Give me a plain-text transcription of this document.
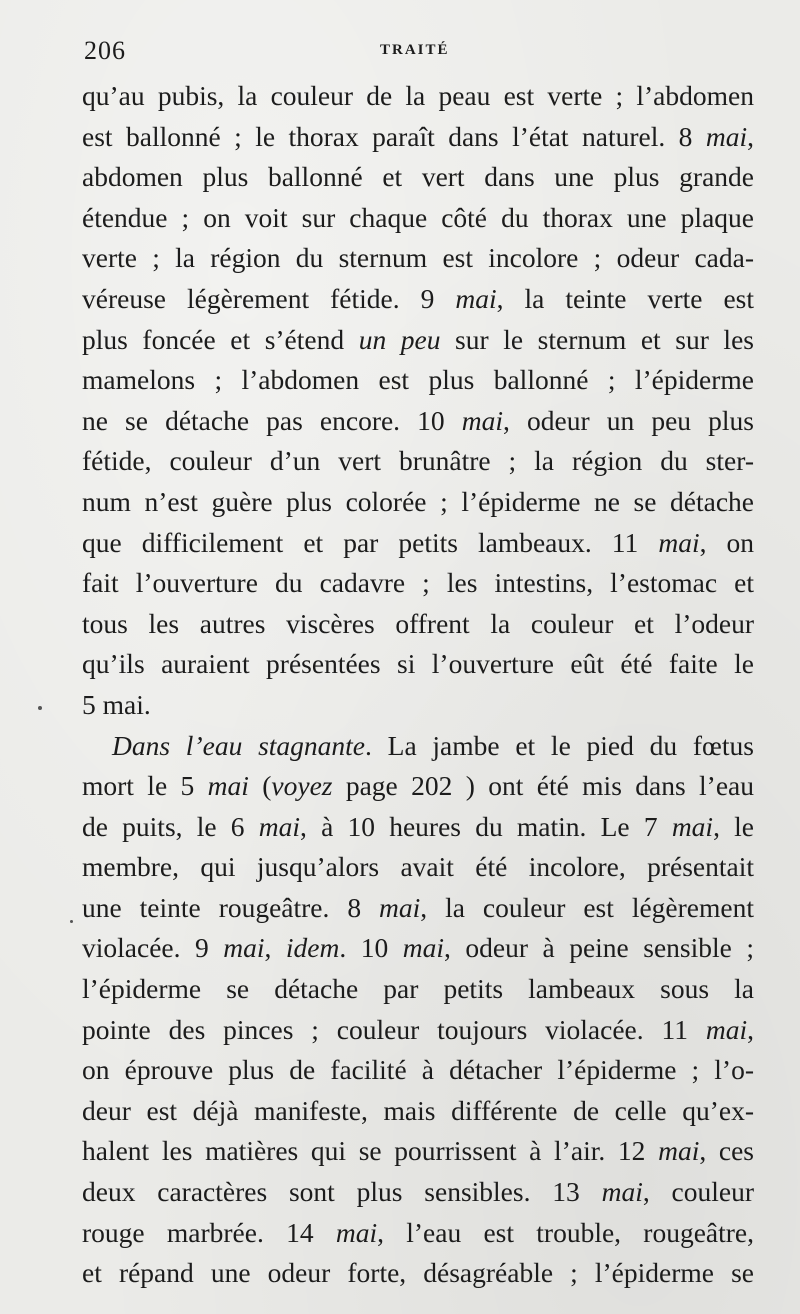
206	TRAITÉ
qu’au pubis, la couleur de la peau est verte ; l’abdomen
est ballonné ; le thorax paraît dans l’état naturel. 8 mai,
abdomen plus ballonné et vert dans une plus grande
étendue ; on voit sur chaque côté du thorax une plaque
verte ; la région du sternum est incolore ; odeur cada-
véreuse légèrement fétide. 9 mai, la teinte verte est
plus foncée et s’étend un peu sur le sternum et sur les
mamelons ; l’abdomen est plus ballonné ; l’épiderme
ne se détache pas encore. 10 mai, odeur un peu plus
fétide, couleur d’un vert brunâtre ; la région du ster-
num n’est guère plus colorée ; l’épiderme ne se détache
que difficilement et par petits lambeaux. 11 mai, on
fait l’ouverture du cadavre ; les intestins, l’estomac et
tous les autres viscères offrent la couleur et l’odeur
qu’ils auraient présentées si l’ouverture eût été faite le
5 mai.
Dans l’eau stagnante. La jambe et le pied du fœtus
mort le 5 mai (voyez page 202 ) ont été mis dans l’eau
de puits, le 6 mai, à 10 heures du matin. Le 7 mai, le
membre, qui jusqu’alors avait été incolore, présentait
une teinte rougeâtre. 8 mai, la couleur est légèrement
violacée. 9 mai, idem. 10 mai, odeur à peine sensible ;
l’épiderme se détache par petits lambeaux sous la
pointe des pinces ; couleur toujours violacée. 11 mai,
on éprouve plus de facilité à détacher l’épiderme ; l’o-
deur est déjà manifeste, mais différente de celle qu’ex-
halent les matières qui se pourrissent à l’air. 12 mai, ces
deux caractères sont plus sensibles. 13 mai, couleur
rouge marbrée. 14 mai, l’eau est trouble, rougeâtre,
et répand une odeur forte, désagréable ; l’épiderme se
